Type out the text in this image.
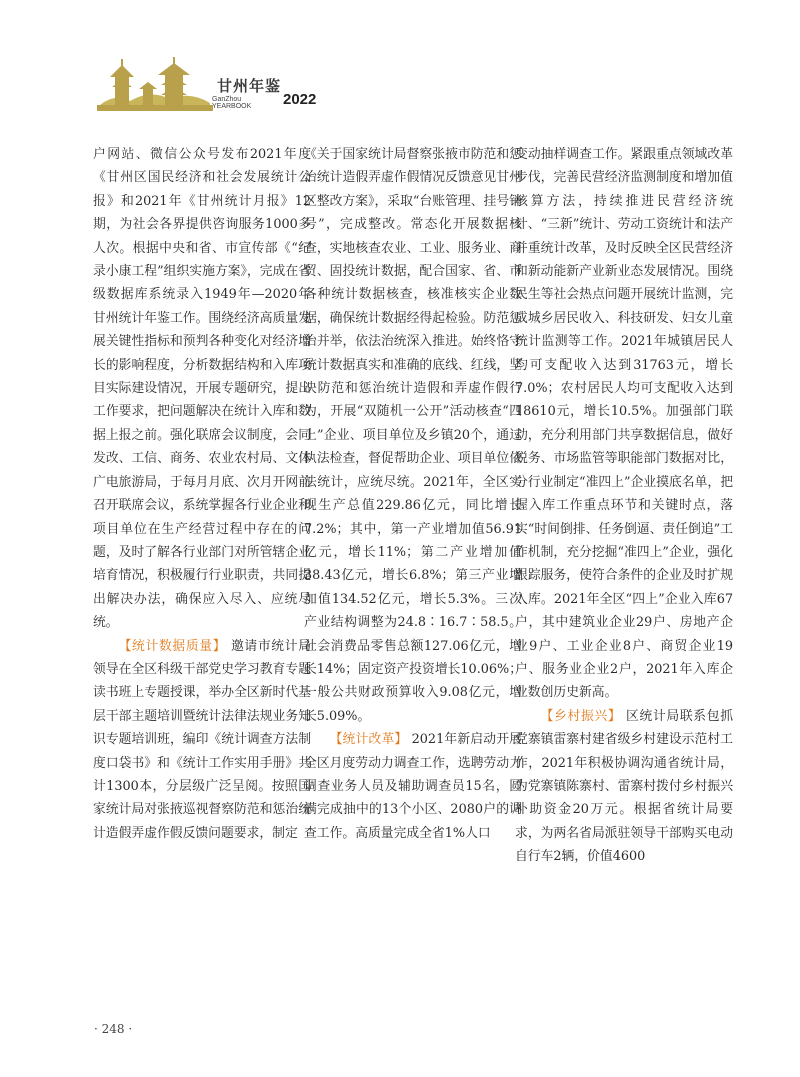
甘州年鉴
GanZhou
YEARBOOK 2022

户网站、微信公众号发布2021年度《甘州区国民经济和社会发展统计公报》和2021年《甘州统计月报》12期，为社会各界提供咨询服务1000多人次。根据中央和省、市宣传部《“纪录小康工程”组织实施方案》，完成在省级数据库系统录入1949年—2020年甘州统计年鉴工作。围绕经济高质量发展关键性指标和预判各种变化对经济增长的影响程度，分析数据结构和入库项目实际建设情况，开展专题研究，提出工作要求，把问题解决在统计入库和数据上报之前。强化联席会议制度，会同发改、工信、商务、农业农村局、文体广电旅游局，于每月月底、次月开网前召开联席会议，系统掌握各行业企业和项目单位在生产经营过程中存在的问题，及时了解各行业部门对所管辖企业培育情况，积极履行行业职责，共同提出解决办法，确保应入尽入、应统尽统。

【统计数据质量】 邀请市统计局领导在全区科级干部党史学习教育专题读书班上专题授课，举办全区新时代基层干部主题培训暨统计法律法规业务知识专题培训班，编印《统计调查方法制度口袋书》和《统计工作实用手册》共计1300本，分层级广泛呈阅。按照国家统计局对张掖巡视督察防范和惩治统计造假弄虚作假反馈问题要求，制定

《关于国家统计局督察张掖市防范和惩治统计造假弄虚作假情况反馈意见甘州区整改方案》，采取“台账管理、挂号销号”，完成整改。常态化开展数据核查，实地核查农业、工业、服务业、商贸、固投统计数据，配合国家、省、市各种统计数据核查，核准核实企业数据，确保统计数据经得起检验。防范惩治并举，依法治统深入推进。始终恪守统计数据真实和准确的底线、红线，坚决防范和惩治统计造假和弄虚作假行为，开展“双随机一公开”活动核查“四上”企业、项目单位及乡镇20个，通过执法检查，督促帮助企业、项目单位依法统计，应统尽统。2021年，全区实现生产总值229.86亿元，同比增长7.2%；其中，第一产业增加值56.91亿元，增长11%；第二产业增加值38.43亿元，增长6.8%；第三产业增加值134.52亿元，增长5.3%。三次产业结构调整为24.8∶16.7∶58.5。社会消费品零售总额127.06亿元，增长14%；固定资产投资增长10.06%；一般公共财政预算收入9.08亿元，增长5.09%。

【统计改革】 2021年新启动开展全区月度劳动力调查工作，选聘劳动力调查业务人员及辅助调查员15名，圆满完成抽中的13个小区、2080户的调查工作。高质量完成全省1%人口

变动抽样调查工作。紧跟重点领域改革步伐，完善民营经济监测制度和增加值核算方法，持续推进民营经济统计、“三新”统计、劳动工资统计和法产并重统计改革，及时反映全区民营经济和新动能新产业新业态发展情况。围绕民生等社会热点问题开展统计监测，完成城乡居民收入、科技研发、妇女儿童统计监测等工作。2021年城镇居民人均可支配收入达到31763元，增长7.0%；农村居民人均可支配收入达到18610元，增长10.5%。加强部门联动，充分利用部门共享数据信息，做好税务、市场监管等职能部门数据对比，分行业制定“准四上”企业摸底名单，把握入库工作重点环节和关键时点，落实“时间倒排、任务倒逼、责任倒追”工作机制，充分挖掘“准四上”企业，强化跟踪服务，使符合条件的企业及时扩规入库。2021年全区“四上”企业入库67户，其中建筑业企业29户、房地产企业9户、工业企业8户、商贸企业19户、服务业企业2户，2021年入库企业数创历史新高。

【乡村振兴】 区统计局联系包抓党寨镇雷寨村建省级乡村建设示范村工作，2021年积极协调沟通省统计局，为党寨镇陈寨村、雷寨村拨付乡村振兴补助资金20万元。根据省统计局要求，为两名省局派驻领导干部购买电动自行车2辆，价值4600

· 248 ·
